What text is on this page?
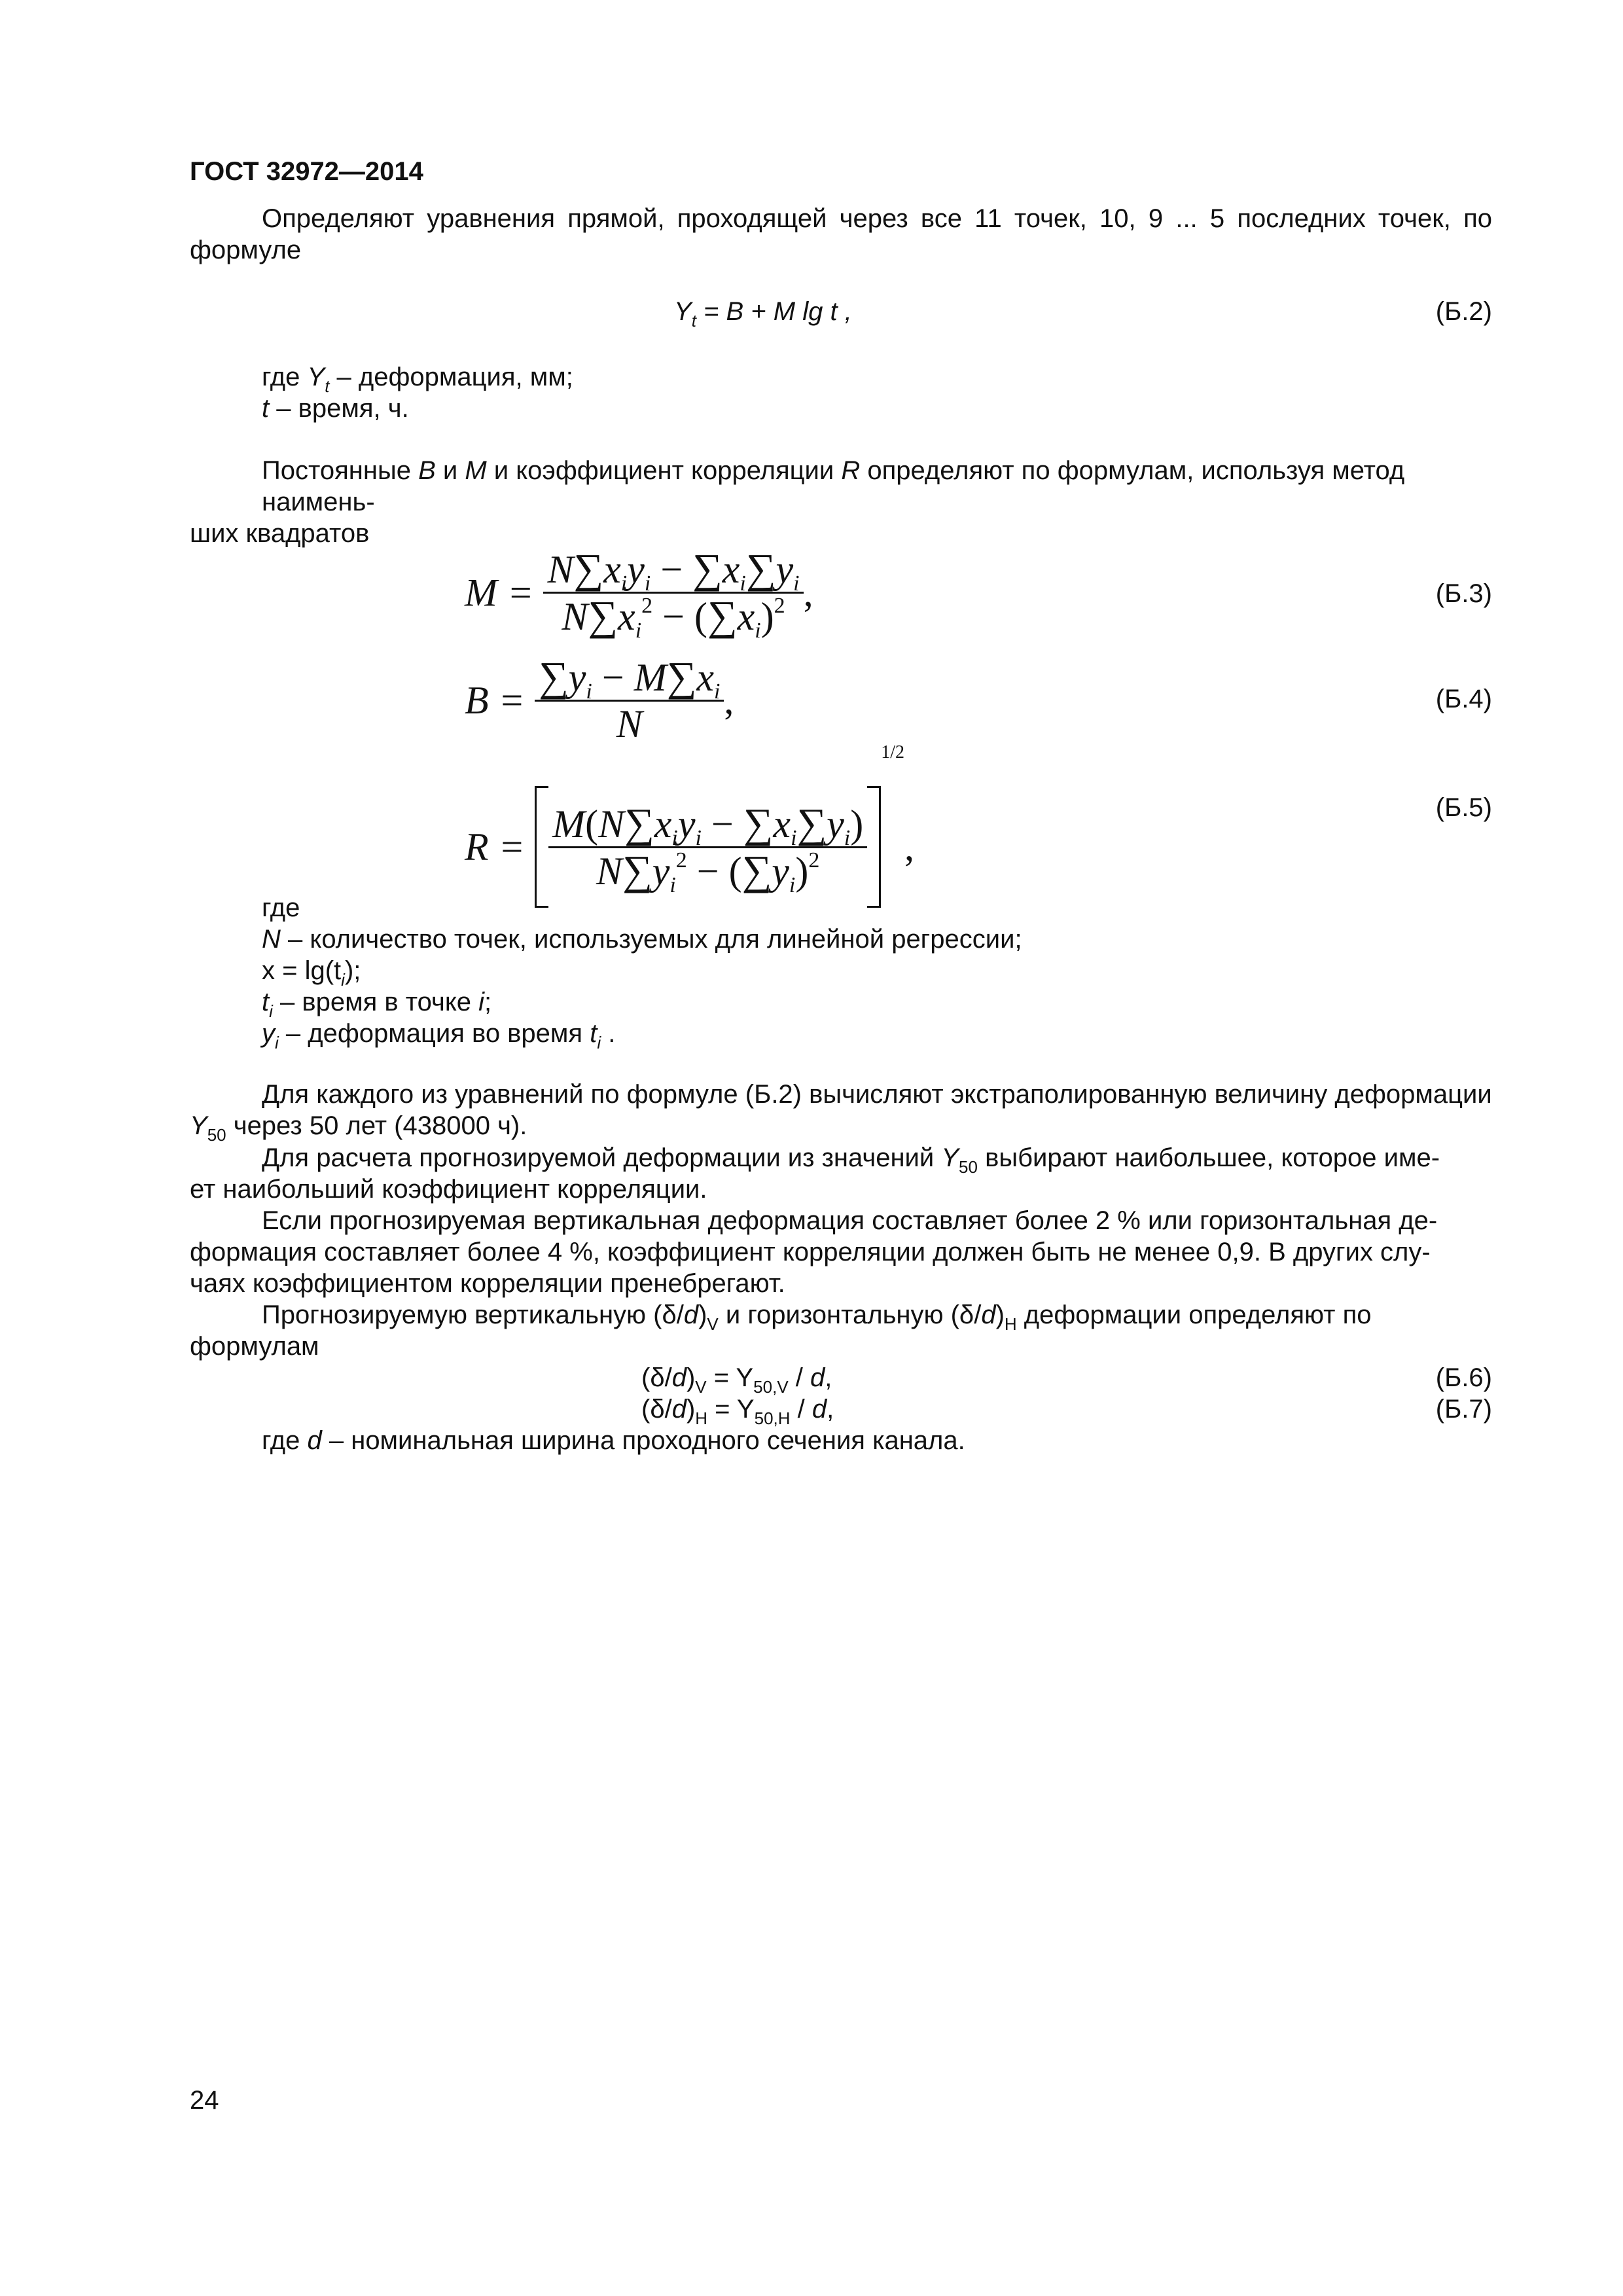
ГОСТ 32972—2014
Определяют уравнения прямой, проходящей через все 11 точек, 10, 9 ... 5 последних точек, по формуле
$Y_t = B + M$ lg t ,	(Б.2)
где $Y_t$ – деформация, мм;
t – время, ч.
Постоянные B и M и коэффициент корреляции R определяют по формулам, используя метод наимень-
ших квадратов
$M = \frac{N\sum x_iy_i - \sum x_i\sum y_i}{N\sum x_i^2 - (\sum x_i)^2}$ ,	(Б.3)
$B = \frac{\sum y_i - M\sum x_i}{N}$ ,	(Б.4)
$R = \frac{M(N\sum x_iy_i - \sum x_i\sum y_i)}{N\sum y_i^2 - (\sum y_i)^2}$
$^{1/2}$,
(Б.5)
где
N – количество точек, используемых для линейной регрессии;
$x = \lg(t_i)$;
$t_i$ – время в точке i;
$y_i$ – деформация во время $t_i$ .
Для каждого из уравнений по формуле (Б.2) вычисляют экстраполированную величину деформации
$Y_{50}$ через 50 лет (438000 ч).
Для расчета прогнозируемой деформации из значений $Y_{50}$ выбирают наибольшее, которое име-
ет наибольший коэффициент корреляции.
Если прогнозируемая вертикальная деформация составляет более 2 % или горизонтальная де-
формация составляет более 4 %, коэффициент корреляции должен быть не менее 0,9. В других слу-
чаях коэффициентом корреляции пренебрегают.
Прогнозируемую вертикальную $(\delta/d)_V$ и горизонтальную $(\delta/d)_H$ деформации определяют по
формулам
$(\delta/d)_V = Y_{50,V} / d$,	(Б.6)
$(\delta/d)_H = Y_{50,H} / d$,	(Б.7)
где d – номинальная ширина проходного сечения канала.
24
